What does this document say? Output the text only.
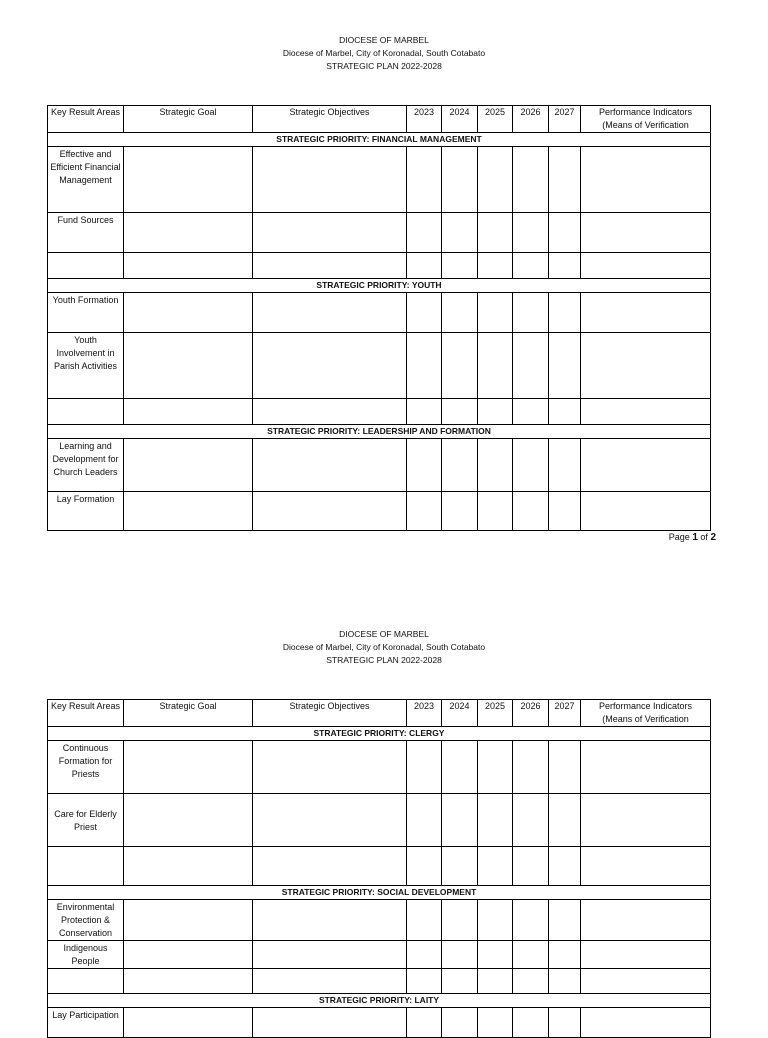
DIOCESE OF MARBEL
Diocese of Marbel, City of Koronadal, South Cotabato
STRATEGIC PLAN 2022-2028
Key Result Areas	Strategic Goal	Strategic Objectives	2023	2024	2025	2026	2027	Performance Indicators (Means of Verification
STRATEGIC PRIORITY: FINANCIAL MANAGEMENT								
Effective and Efficient Financial Management								
Fund Sources								

STRATEGIC PRIORITY: YOUTH								
Youth Formation								
Youth Involvement in Parish Activities								

STRATEGIC PRIORITY: LEADERSHIP AND FORMATION								
Learning and Development for Church Leaders								
Lay Formation								
Page 1 of 2
DIOCESE OF MARBEL
Diocese of Marbel, City of Koronadal, South Cotabato
STRATEGIC PLAN 2022-2028
Key Result Areas	Strategic Goal	Strategic Objectives	2023	2024	2025	2026	2027	Performance Indicators (Means of Verification
STRATEGIC PRIORITY: CLERGY								
Continuous Formation for Priests								
Care for Elderly Priest								

STRATEGIC PRIORITY: SOCIAL DEVELOPMENT								
Environmental Protection & Conservation								
Indigenous People								

STRATEGIC PRIORITY: LAITY								
Lay Participation								
